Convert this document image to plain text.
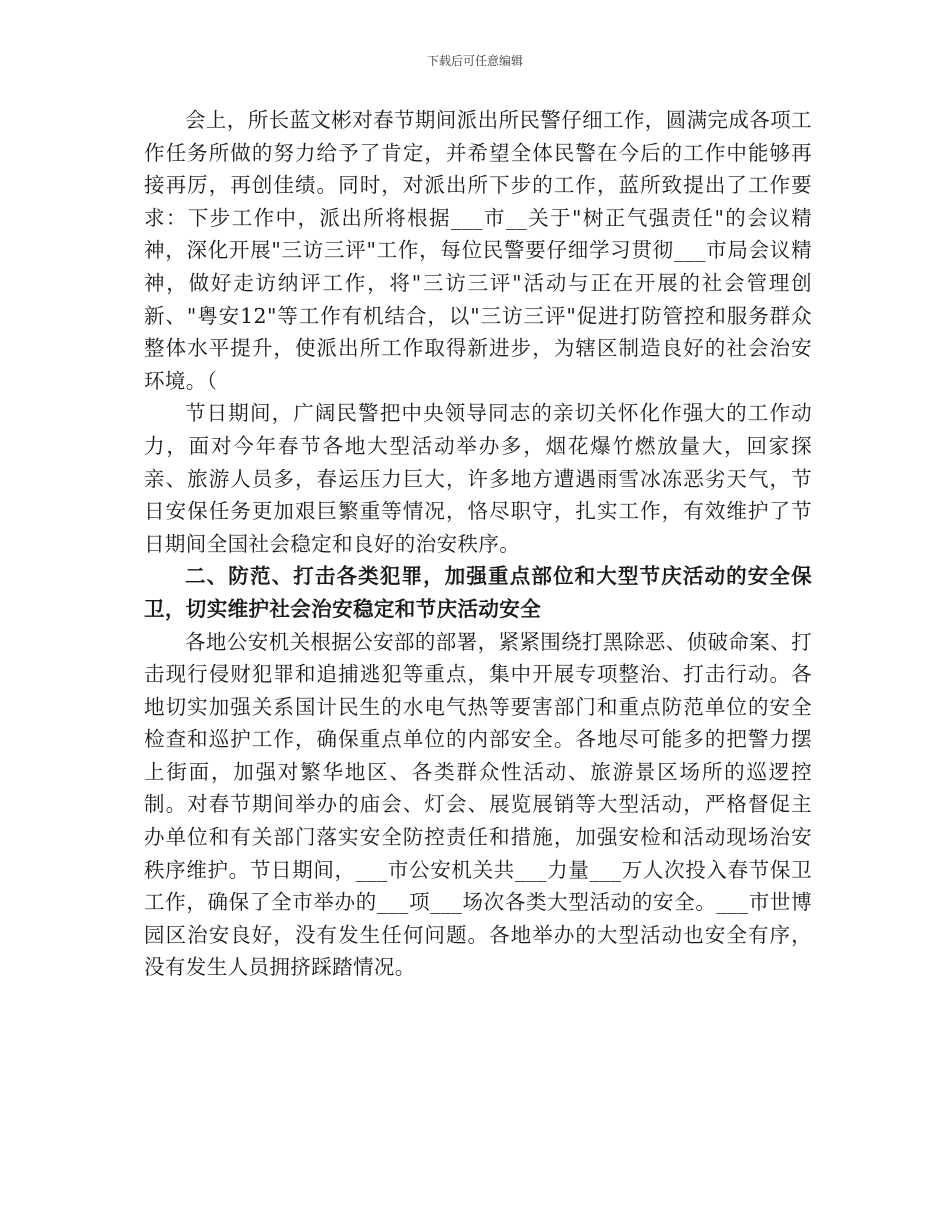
下载后可任意编辑

会上，所长蓝文彬对春节期间派出所民警仔细工作，圆满完成各项工作任务所做的努力给予了肯定，并希望全体民警在今后的工作中能够再接再厉，再创佳绩。同时，对派出所下步的工作，蓝所致提出了工作要求：下步工作中，派出所将根据___市__关于"树正气强责任"的会议精神，深化开展"三访三评"工作，每位民警要仔细学习贯彻___市局会议精神，做好走访纳评工作，将"三访三评"活动与正在开展的社会管理创新、"粤安12"等工作有机结合，以"三访三评"促进打防管控和服务群众整体水平提升，使派出所工作取得新进步，为辖区制造良好的社会治安环境。（

节日期间，广阔民警把中央领导同志的亲切关怀化作强大的工作动力，面对今年春节各地大型活动举办多，烟花爆竹燃放量大，回家探亲、旅游人员多，春运压力巨大，许多地方遭遇雨雪冰冻恶劣天气，节日安保任务更加艰巨繁重等情况，恪尽职守，扎实工作，有效维护了节日期间全国社会稳定和良好的治安秩序。

二、防范、打击各类犯罪，加强重点部位和大型节庆活动的安全保卫，切实维护社会治安稳定和节庆活动安全

各地公安机关根据公安部的部署，紧紧围绕打黑除恶、侦破命案、打击现行侵财犯罪和追捕逃犯等重点，集中开展专项整治、打击行动。各地切实加强关系国计民生的水电气热等要害部门和重点防范单位的安全检查和巡护工作，确保重点单位的内部安全。各地尽可能多的把警力摆上街面，加强对繁华地区、各类群众性活动、旅游景区场所的巡逻控制。对春节期间举办的庙会、灯会、展览展销等大型活动，严格督促主办单位和有关部门落实安全防控责任和措施，加强安检和活动现场治安秩序维护。节日期间，___市公安机关共___力量___万人次投入春节保卫工作，确保了全市举办的___项___场次各类大型活动的安全。___市世博园区治安良好，没有发生任何问题。各地举办的大型活动也安全有序，没有发生人员拥挤踩踏情况。
